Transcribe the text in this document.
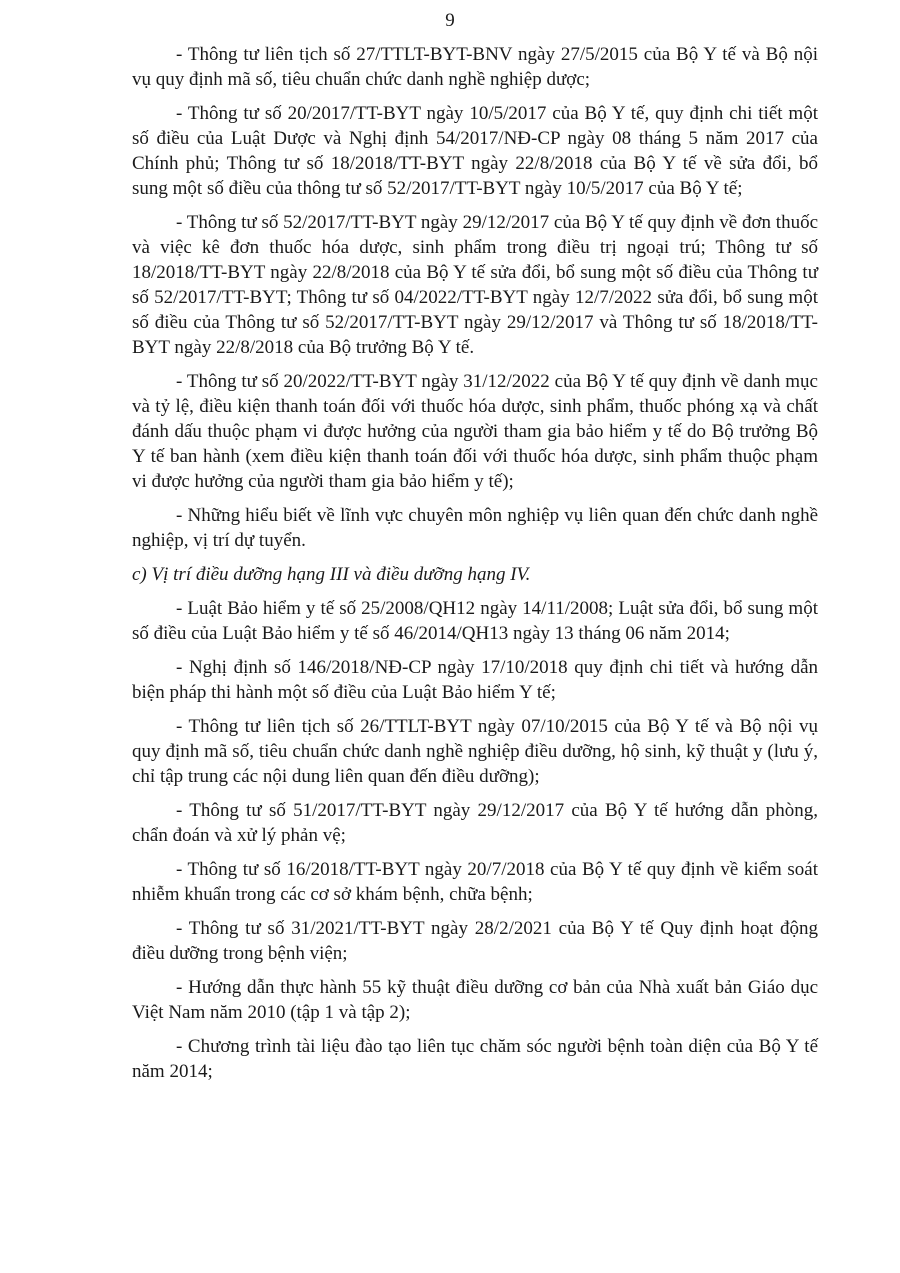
9

- Thông tư liên tịch số 27/TTLT-BYT-BNV ngày 27/5/2015 của Bộ Y tế và Bộ nội vụ quy định mã số, tiêu chuẩn chức danh nghề nghiệp dược;

- Thông tư số 20/2017/TT-BYT ngày 10/5/2017 của Bộ Y tế, quy định chi tiết một số điều của Luật Dược và Nghị định 54/2017/NĐ-CP ngày 08 tháng 5 năm 2017 của Chính phủ; Thông tư số 18/2018/TT-BYT ngày 22/8/2018 của Bộ Y tế về sửa đổi, bổ sung một số điều của thông tư số 52/2017/TT-BYT ngày 10/5/2017 của Bộ Y tế;

- Thông tư số 52/2017/TT-BYT ngày 29/12/2017 của Bộ Y tế quy định về đơn thuốc và việc kê đơn thuốc hóa dược, sinh phẩm trong điều trị ngoại trú; Thông tư số 18/2018/TT-BYT ngày 22/8/2018 của Bộ Y tế sửa đổi, bổ sung một số điều của Thông tư số 52/2017/TT-BYT; Thông tư số 04/2022/TT-BYT ngày 12/7/2022 sửa đổi, bổ sung một số điều của Thông tư số 52/2017/TT-BYT ngày 29/12/2017 và Thông tư số 18/2018/TT-BYT ngày 22/8/2018 của Bộ trưởng Bộ Y tế.

- Thông tư số 20/2022/TT-BYT ngày 31/12/2022 của Bộ Y tế quy định về danh mục và tỷ lệ, điều kiện thanh toán đối với thuốc hóa dược, sinh phẩm, thuốc phóng xạ và chất đánh dấu thuộc phạm vi được hưởng của người tham gia bảo hiểm y tế do Bộ trưởng Bộ Y tế ban hành (xem điều kiện thanh toán đối với thuốc hóa dược, sinh phẩm thuộc phạm vi được hưởng của người tham gia bảo hiểm y tế);

- Những hiểu biết về lĩnh vực chuyên môn nghiệp vụ liên quan đến chức danh nghề nghiệp, vị trí dự tuyển.

c) Vị trí điều dưỡng hạng III và điều dưỡng hạng IV.

- Luật Bảo hiểm y tế số 25/2008/QH12 ngày 14/11/2008; Luật sửa đổi, bổ sung một số điều của Luật Bảo hiểm y tế số 46/2014/QH13 ngày 13 tháng 06 năm 2014;

- Nghị định số 146/2018/NĐ-CP ngày 17/10/2018 quy định chi tiết và hướng dẫn biện pháp thi hành một số điều của Luật Bảo hiểm Y tế;

- Thông tư liên tịch số 26/TTLT-BYT ngày 07/10/2015 của Bộ Y tế và Bộ nội vụ quy định mã số, tiêu chuẩn chức danh nghề nghiệp điều dưỡng, hộ sinh, kỹ thuật y (lưu ý, chỉ tập trung các nội dung liên quan đến điều dưỡng);

- Thông tư số 51/2017/TT-BYT ngày 29/12/2017 của Bộ Y tế hướng dẫn phòng, chẩn đoán và xử lý phản vệ;

- Thông tư số 16/2018/TT-BYT ngày 20/7/2018 của Bộ Y tế quy định về kiểm soát nhiễm khuẩn trong các cơ sở khám bệnh, chữa bệnh;

- Thông tư số 31/2021/TT-BYT ngày 28/2/2021 của Bộ Y tế Quy định hoạt động điều dưỡng trong bệnh viện;

- Hướng dẫn thực hành 55 kỹ thuật điều dưỡng cơ bản của Nhà xuất bản Giáo dục Việt Nam năm 2010 (tập 1 và tập 2);

- Chương trình tài liệu đào tạo liên tục chăm sóc người bệnh toàn diện của Bộ Y tế năm 2014;
